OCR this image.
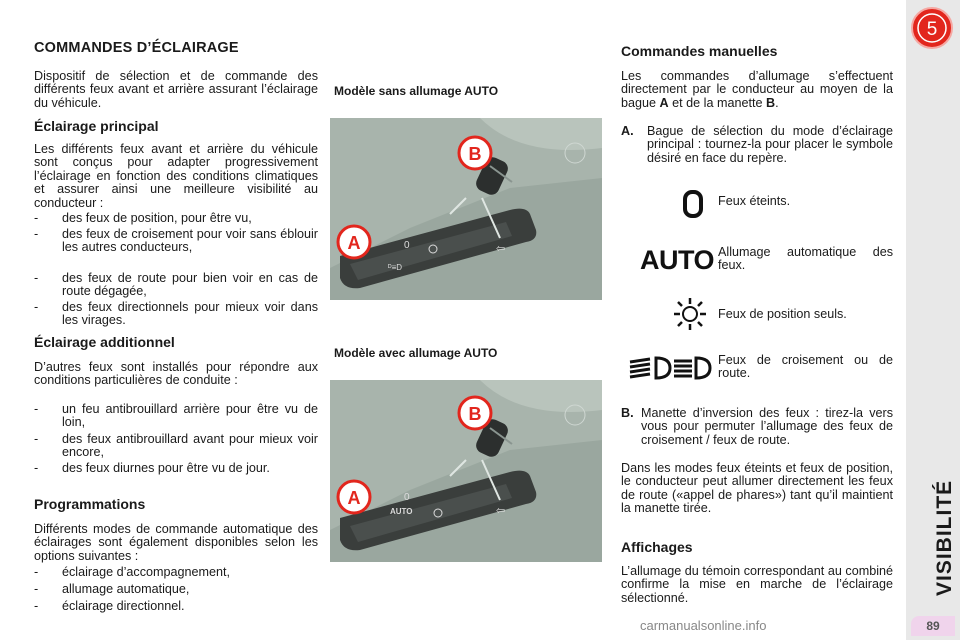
COMMANDES D’ÉCLAIRAGE

Dispositif de sélection et de commande des différents feux avant et arrière assurant l’éclairage du véhicule.

Éclairage principal

Les différents feux avant et arrière du véhicule sont conçus pour adapter progressivement l’éclairage en fonction des conditions climatiques et assurer ainsi une meilleure visibilité au conducteur :

- des feux de position, pour être vu,

- des feux de croisement pour voir sans éblouir les autres conducteurs,

- des feux de route pour bien voir en cas de route dégagée,

- des feux directionnels pour mieux voir dans les virages.

Éclairage additionnel

D’autres feux sont installés pour répondre aux conditions particulières de conduite :

- un feu antibrouillard arrière pour être vu de loin,

- des feux antibrouillard avant pour mieux voir encore,

- des feux diurnes pour être vu de jour.

Programmations

Différents modes de commande automatique des éclairages sont également disponibles selon les options suivantes :

- éclairage d’accompagnement,

- allumage automatique,

- éclairage directionnel.

Modèle sans allumage AUTO

0
ᴰ≡D
⇦
A
B

Modèle avec allumage AUTO

0
AUTO	⇦
A
B
Commandes manuelles

Les commandes d’allumage s’effectuent directement par le conducteur au moyen de la bague A et de la manette B.

A. Bague de sélection du mode d’éclairage principal : tournez-la pour placer le symbole désiré en face du repère.

Feux éteints.
AUTO Allumage automatique des feux.
Feux de position seuls.
Feux de croisement ou de route.

B. Manette d’inversion des feux : tirez-la vers vous pour permuter l’allumage des feux de croisement / feux de route.

Dans les modes feux éteints et feux de position, le conducteur peut allumer directement les feux de route («appel de phares») tant qu’il maintient la manette tirée.

Affichages

L’allumage du témoin correspondant au combiné confirme la mise en marche de l’éclairage sélectionné.

5
VISIBILITÉ
89
carmanualsonline.info
